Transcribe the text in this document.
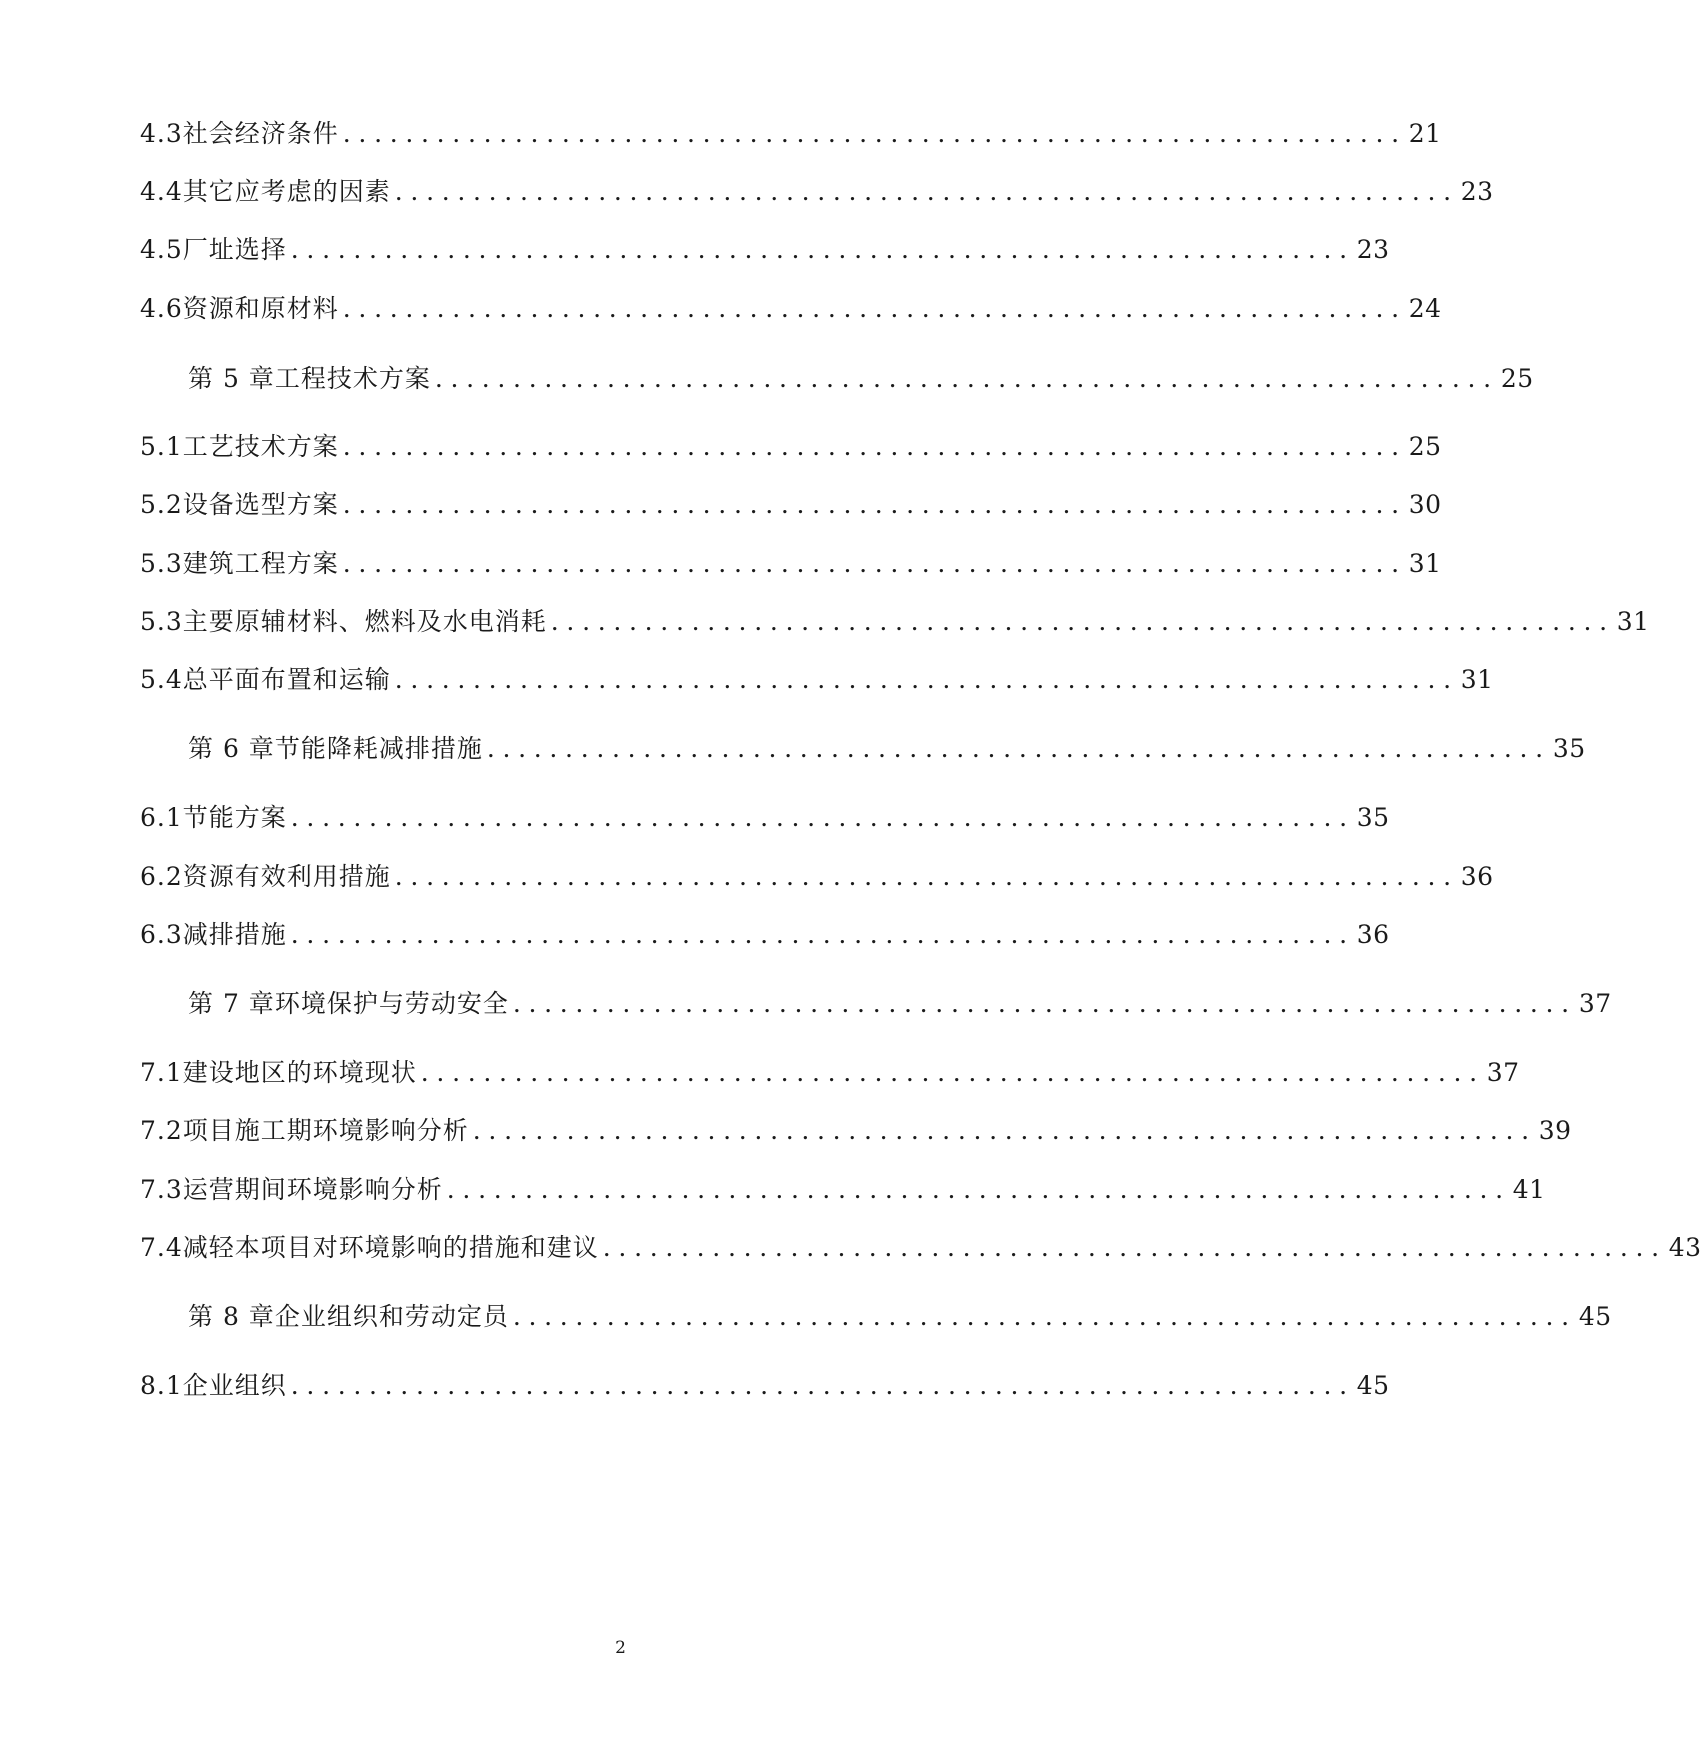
4.3 社会经济条件 .................................................................... 21
4.4 其它应考虑的因素 .................................................................... 23
4.5 厂址选择 .................................................................... 23
4.6 资源和原材料 .................................................................... 24
第 5 章 工程技术方案 .................................................................... 25
5.1 工艺技术方案 .................................................................... 25
5.2 设备选型方案 .................................................................... 30
5.3 建筑工程方案 .................................................................... 31
5.3 主要原辅材料、燃料及水电消耗 .................................................................... 31
5.4 总平面布置和运输 .................................................................... 31
第 6 章 节能降耗减排措施 .................................................................... 35
6.1 节能方案 .................................................................... 35
6.2 资源有效利用措施 .................................................................... 36
6.3 减排措施 .................................................................... 36
第 7 章 环境保护与劳动安全 .................................................................... 37
7.1 建设地区的环境现状 .................................................................... 37
7.2 项目施工期环境影响分析 .................................................................... 39
7.3 运营期间环境影响分析 .................................................................... 41
7.4 减轻本项目对环境影响的措施和建议 .................................................................... 43
第 8 章 企业组织和劳动定员 .................................................................... 45
8.1 企业组织 .................................................................... 45
2
